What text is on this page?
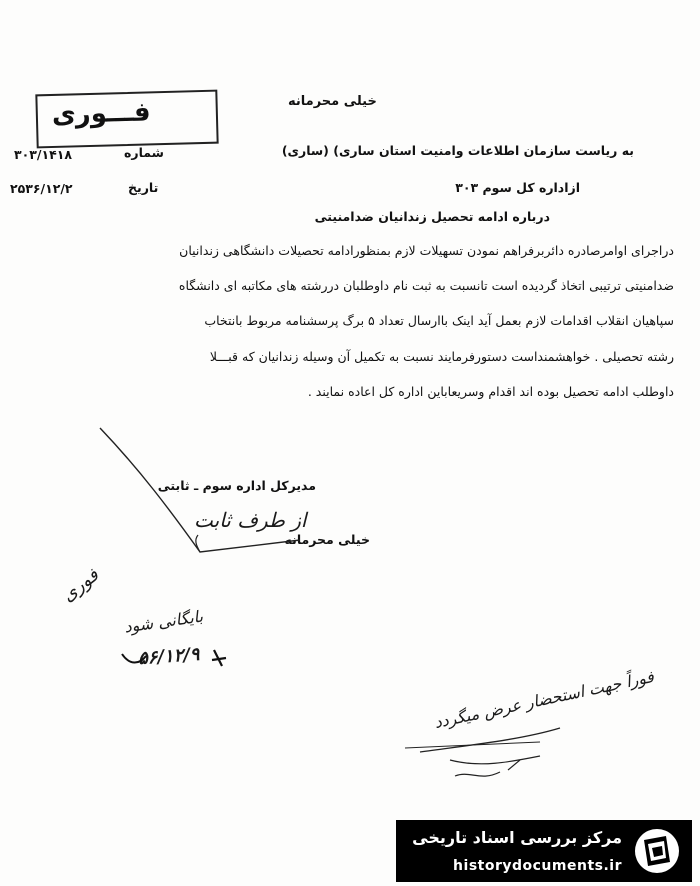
خیلی محرمانه
فـــوری
شماره
۳۰۳/۱۴۱۸
تاریخ
۲۵۳۶/۱۲/۲
به ریاست سازمان اطلاعات وامنیت استان ساری) (ساری)
ازاداره کل سوم ۳۰۳
درباره ادامه تحصیل زندانیان ضدامنیتی
دراجرای اوامرصادره دائربرفراهم نمودن تسهیلات لازم بمنظورادامه تحصیلات دانشگاهی زندانیان
ضدامنیتی ترتیبی اتخاذ گردیده است تانسبت به ثبت نام داوطلبان دررشته های مکاتبه ای دانشگاه
سپاهیان انقلاب اقدامات لازم بعمل آید اینک باارسال تعداد ۵ برگ پرسشنامه مربوط بانتخاب
رشته تحصیلی . خواهشمنداست دستورفرمایند نسبت به تکمیل آن وسیله زندانیان که قبـــلا
داوطلب ادامه تحصیل بوده اند اقدام وسریعاباین اداره کل اعاده نمایند .
مدیرکل اداره سوم ـ ثابتی
از طرف ثابت
خیلی محرمانه
فوری
بایگانی شود
۵۶/۱۲/۹
فوراً جهت استحضار عرض میگردد
مرکز بررسی اسناد تاریخی
historydocuments.ir
